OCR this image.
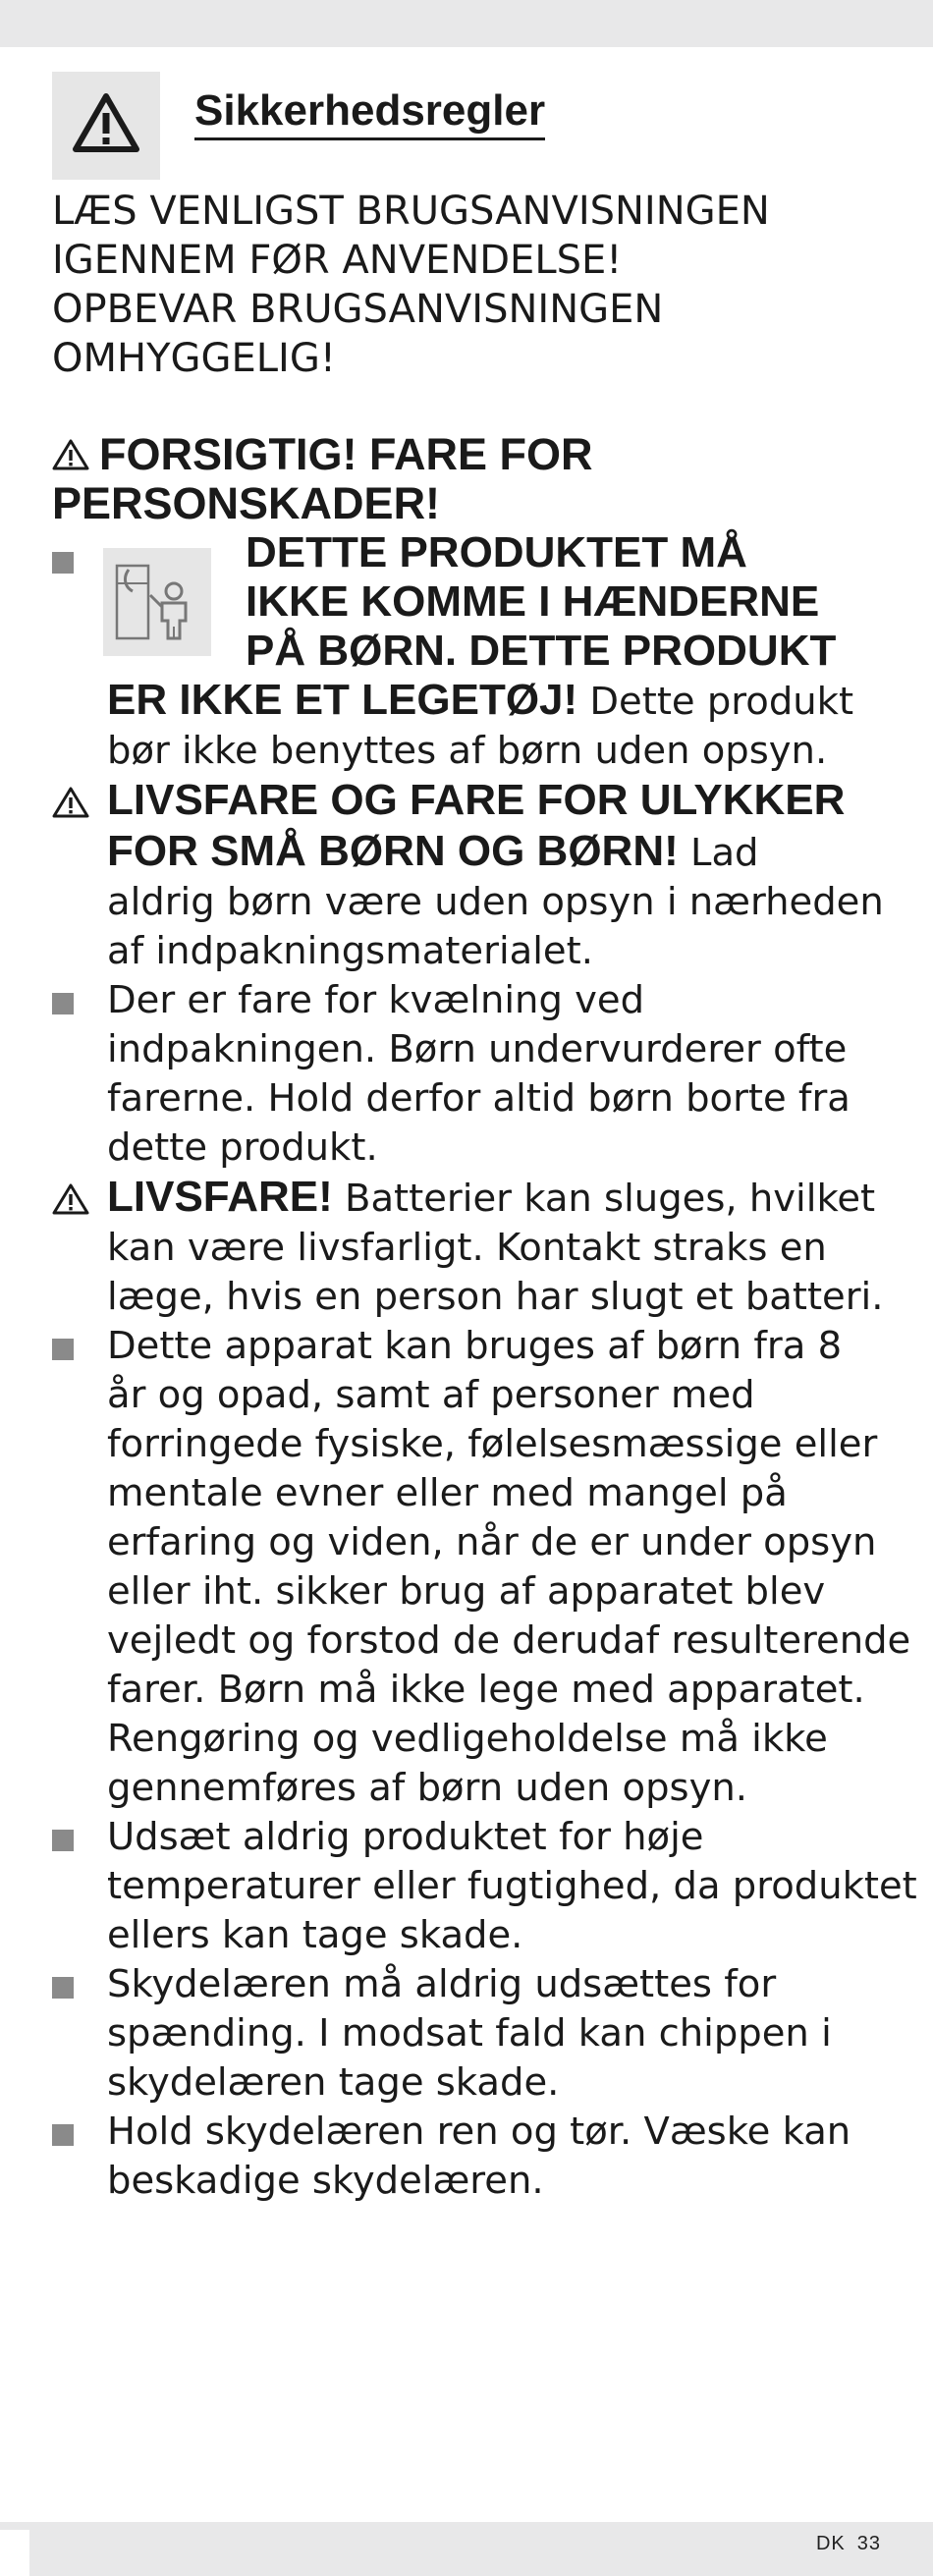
Sikkerhedsregler
LÆS VENLIGST BRUGSANVISNINGEN
IGENNEM FØR ANVENDELSE!
OPBEVAR BRUGSANVISNINGEN
OMHYGGELIG!
FORSIGTIG! FARE FOR
PERSONSKADER!
DETTE PRODUKTET MÅ
IKKE KOMME I HÆNDERNE
PÅ BØRN. DETTE PRODUKT
ER IKKE ET LEGETØJ! Dette produkt
bør ikke benyttes af børn uden opsyn.
LIVSFARE OG FARE FOR ULYKKER
FOR SMÅ BØRN OG BØRN! Lad
aldrig børn være uden opsyn i nærheden
af indpakningsmaterialet.
Der er fare for kvælning ved
indpakningen. Børn undervurderer ofte
farerne. Hold derfor altid børn borte fra
dette produkt.
LIVSFARE! Batterier kan sluges, hvilket
kan være livsfarligt. Kontakt straks en
læge, hvis en person har slugt et batteri.
Dette apparat kan bruges af børn fra 8
år og opad, samt af personer med
forringede fysiske, følelsesmæssige eller
mentale evner eller med mangel på
erfaring og viden, når de er under opsyn
eller iht. sikker brug af apparatet blev
vejledt og forstod de derudaf resulterende
farer. Børn må ikke lege med apparatet.
Rengøring og vedligeholdelse må ikke
gennemføres af børn uden opsyn.
Udsæt aldrig produktet for høje
temperaturer eller fugtighed, da produktet
ellers kan tage skade.
Skydelæren må aldrig udsættes for
spænding. I modsat fald kan chippen i
skydelæren tage skade.
Hold skydelæren ren og tør. Væske kan
beskadige skydelæren.
DK 33
